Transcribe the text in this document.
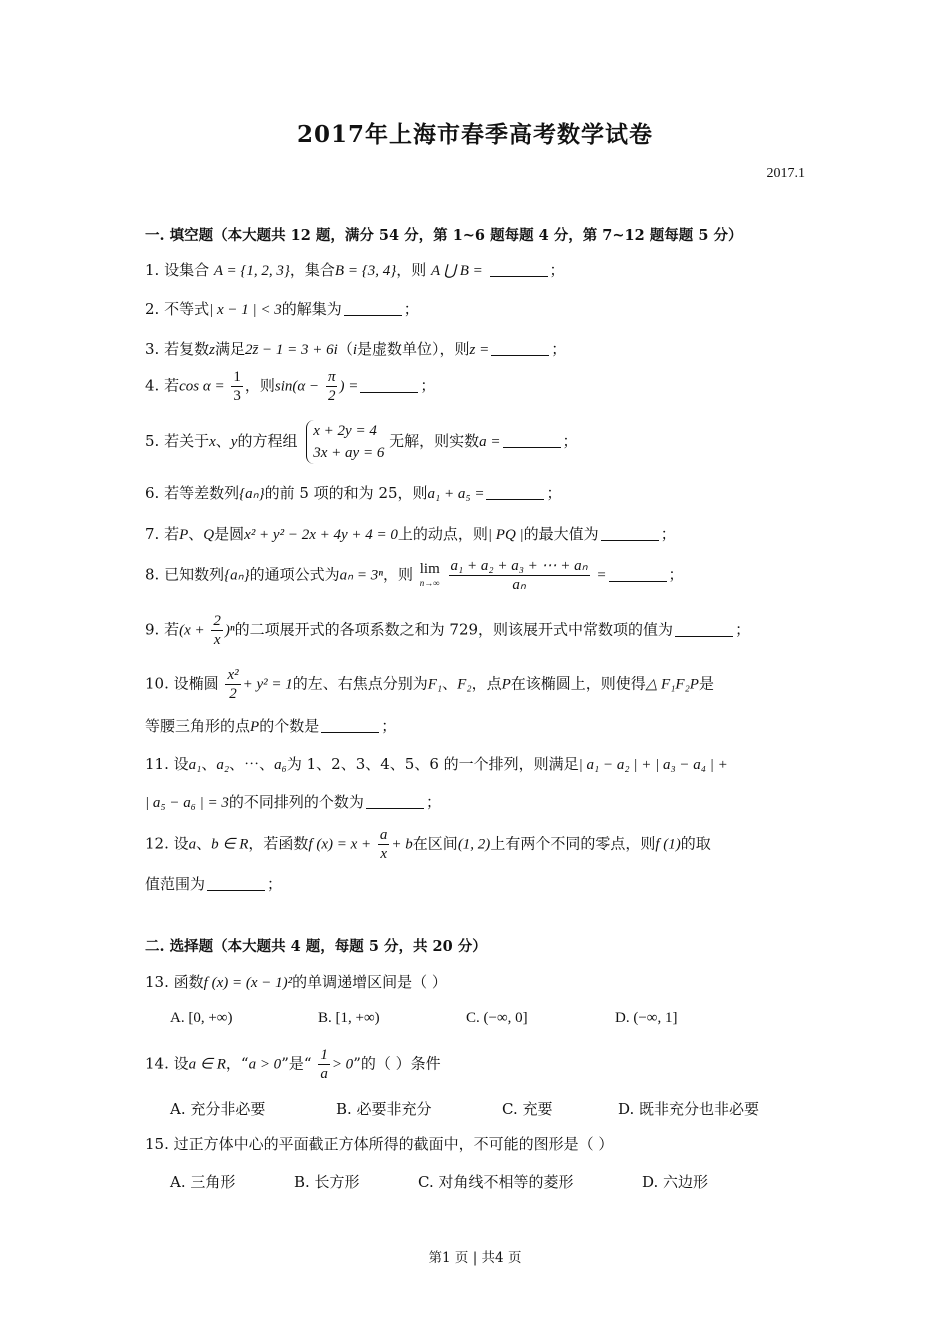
2017年上海市春季高考数学试卷
2017.1
一. 填空题（本大题共 12 题，满分 54 分，第 1~6 题每题 4 分，第 7~12 题每题 5 分）
1. 设集合 A = {1, 2, 3}，集合B = {3, 4}，则 A ⋃ B =	；
2. 不等式| x − 1 | < 3的解集为	；
3. 若复数z满足2z̄ − 1 = 3 + 6i（i是虚数单位），则z =	；
4. 若$\cos \alpha = \frac{1}{3}$ ，则$\sin(\alpha - \frac{\pi}{2}$ ) =	；
5. 若关于x、y的方程组
x + 2y = 4
3x + ay = 6
无解，则实数a =	；
6. 若等差数列{aₙ}的前 5 项的和为 25，则a₁ + a₅ =	；
7. 若P、Q是圆x² + y² − 2x + 4y + 4 = 0上的动点，则| PQ |的最大值为	；
8. 已知数列{aₙ}的通项公式为aₙ = 3ⁿ，则 lim
n→∞
$\frac{\text{a₁ + a₂ + a₃ + ⋯ + aₙ}}{\text{aₙ}}$ =	；
9. 若$(x + \frac{2}{x} )^n$的二项展开式的各项系数之和为 729，则该展开式中常数项的值为	；
10. 设椭圆 $\frac{\text{x²}}{2} + y^2 = 1$的左、右焦点分别为F₁、F₂，点P在该椭圆上，则使得△ F₁F₂P是
等腰三角形的点P的个数是	；
11. 设a₁、a₂、⋯、a₆为 1、2、3、4、5、6 的一个排列，则满足| a₁ − a₂ | + | a₃ − a₄ | +
| a₅ − a₆ | = 3的不同排列的个数为	；
12. 设a、b ∈ R，若函数f $(x) = x + \frac{a}{x} + b$在区间(1, 2)上有两个不同的零点，则f (1)的取
值范围为	；
二. 选择题（本大题共 4 题，每题 5 分，共 20 分）
13. 函数f (x) = (x − 1)²的单调递增区间是（ ）
A. [0, +∞)	B. [1, +∞)	C. (−∞, 0]	D. (−∞, 1]
14. 设a ∈ R，“a > 0”是“ $\frac{1}{a} > 0$”的（ ）条件
A. 充分非必要	B. 必要非充分	C. 充要	D. 既非充分也非必要
15. 过正方体中心的平面截正方体所得的截面中，不可能的图形是（ ）
A. 三角形	B. 长方形	C. 对角线不相等的菱形	D. 六边形
第1 页 | 共4 页
